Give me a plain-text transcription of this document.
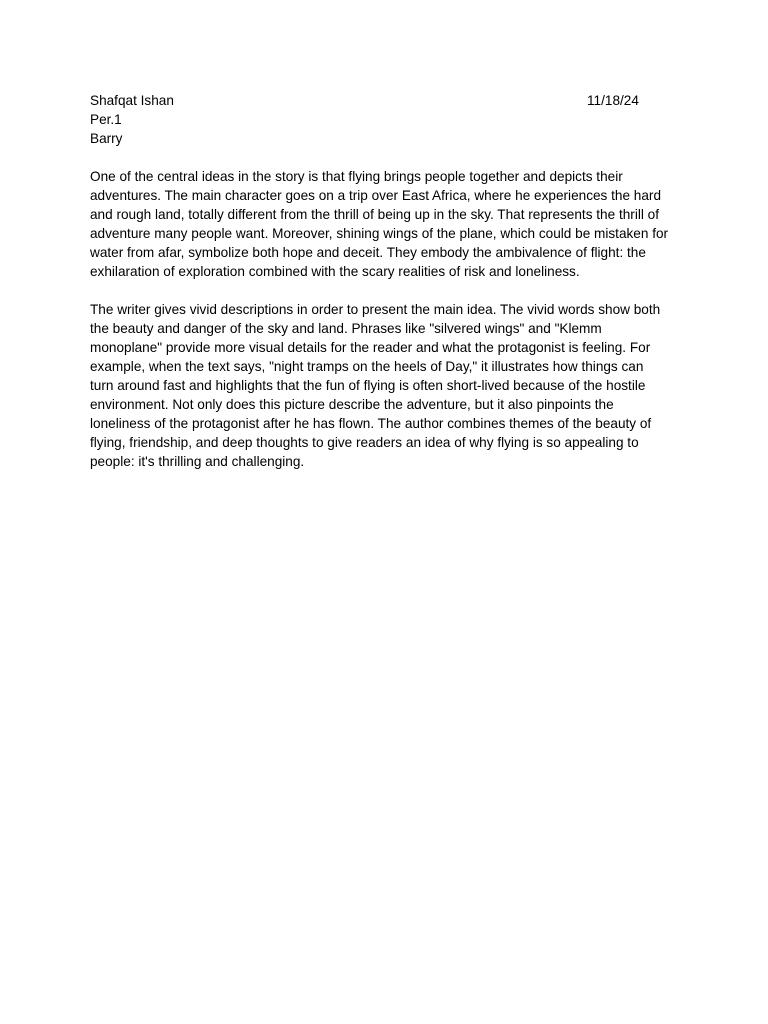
Shafqat Ishan	11/18/24
Per.1
Barry
One of the central ideas in the story is that flying brings people together and depicts their
adventures. The main character goes on a trip over East Africa, where he experiences the hard
and rough land, totally different from the thrill of being up in the sky. That represents the thrill of
adventure many people want. Moreover, shining wings of the plane, which could be mistaken for
water from afar, symbolize both hope and deceit. They embody the ambivalence of flight: the
exhilaration of exploration combined with the scary realities of risk and loneliness.
The writer gives vivid descriptions in order to present the main idea. The vivid words show both
the beauty and danger of the sky and land. Phrases like "silvered wings" and "Klemm
monoplane" provide more visual details for the reader and what the protagonist is feeling. For
example, when the text says, "night tramps on the heels of Day," it illustrates how things can
turn around fast and highlights that the fun of flying is often short-lived because of the hostile
environment. Not only does this picture describe the adventure, but it also pinpoints the
loneliness of the protagonist after he has flown. The author combines themes of the beauty of
flying, friendship, and deep thoughts to give readers an idea of why flying is so appealing to
people: it's thrilling and challenging.
